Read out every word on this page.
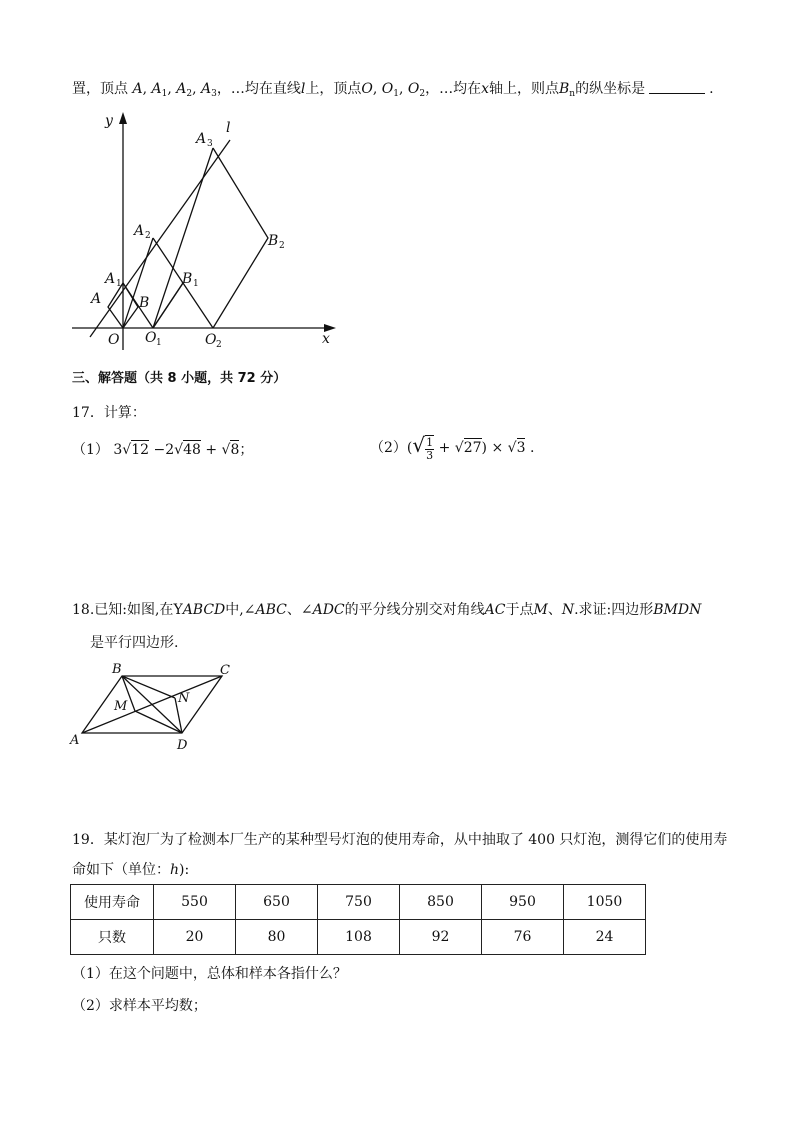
置，顶点 A, $A_1$, $A_2$, $A_3$，…均在直线l上，顶点O, $O_1$, $O_2$，…均在x轴上，则点$B_n$的纵坐标是	.
y
x
l
O
A
A 1
A 2
A 3
B
B 1
B 2
O 1	O 2
三、解答题（共 8 小题，共 72 分）
17．计算：
（1） 3√12 −2√48 + √8；	$(2)(√ \frac{1}{3} + √27) \times √3$ .
18.已知:如图,在YABCD中,∠ABC、∠ADC的平分线分别交对角线AC于点M、N.求证:四边形BMDN
是平行四边形.
A
B	C
D
M
N
19．某灯泡厂为了检测本厂生产的某种型号灯泡的使用寿命，从中抽取了 400 只灯泡，测得它们的使用寿
命如下（单位：h):
使用寿命	550	650	750	850	950	1050
只数	20	80	108	92	76	24
（1）在这个问题中，总体和样本各指什么？
（2）求样本平均数；
